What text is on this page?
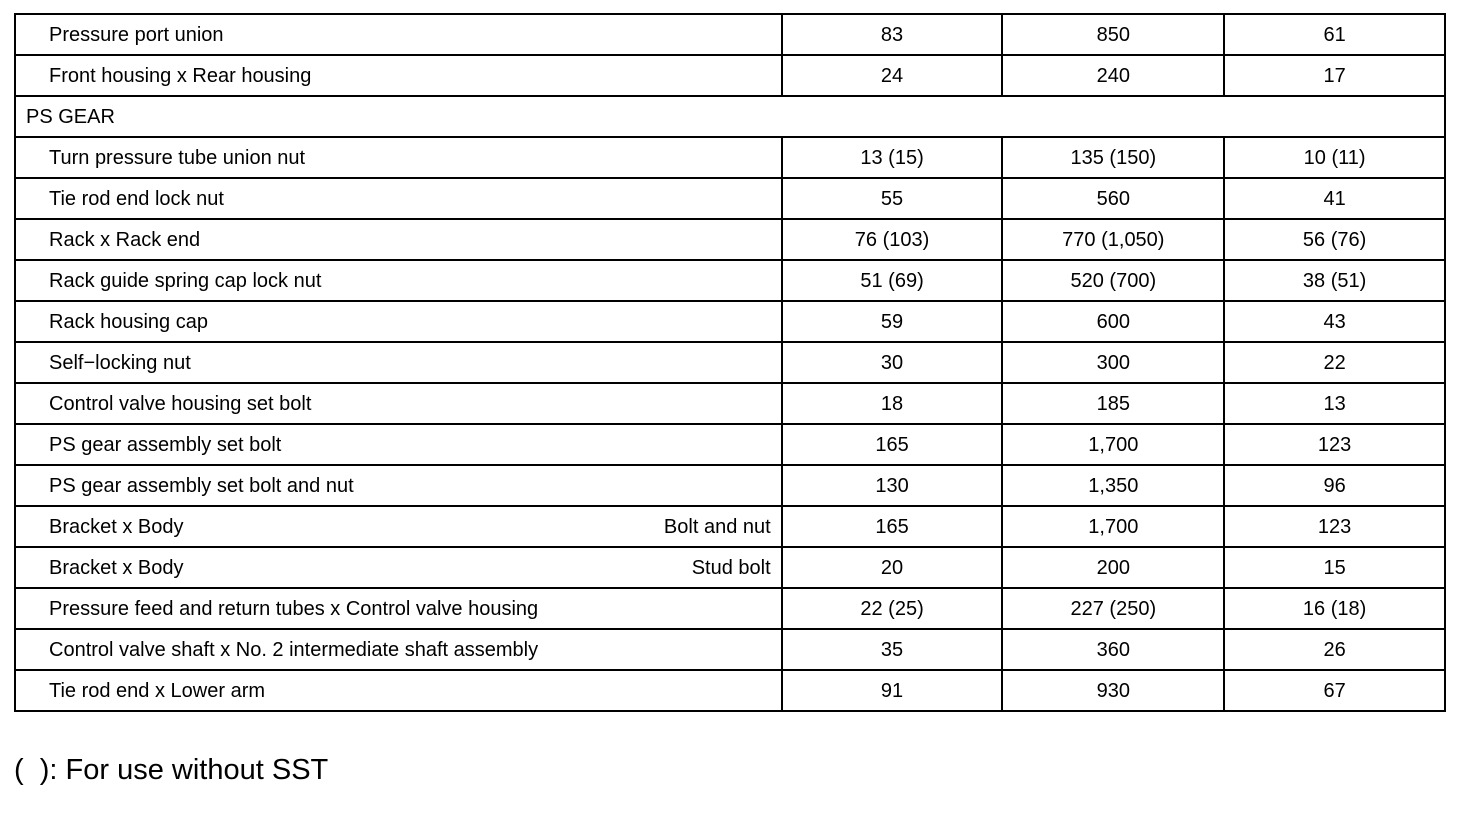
Pressure port union	83	850	61

Front housing x Rear housing	24	240	17
PS GEAR			

Turn pressure tube union nut	13 (15)	135 (150)	10 (11)

Tie rod end lock nut	55	560	41

Rack x Rack end	76 (103)	770 (1,050)	56 (76)

Rack guide spring cap lock nut	51 (69)	520 (700)	38 (51)

Rack housing cap	59	600	43

Self−locking nut	30	300	22

Control valve housing set bolt	18	185	13

PS gear assembly set bolt	165	1,700	123

PS gear assembly set bolt and nut	130	1,350	96

Bracket x Body Bolt and nut	165	1,700	123

Bracket x Body Stud bolt	20	200	15

Pressure feed and return tubes x Control valve housing	22 (25)	227 (250)	16 (18)

Control valve shaft x No. 2 intermediate shaft assembly	35	360	26

Tie rod end x Lower arm	91	930	67
(  ): For use without SST
